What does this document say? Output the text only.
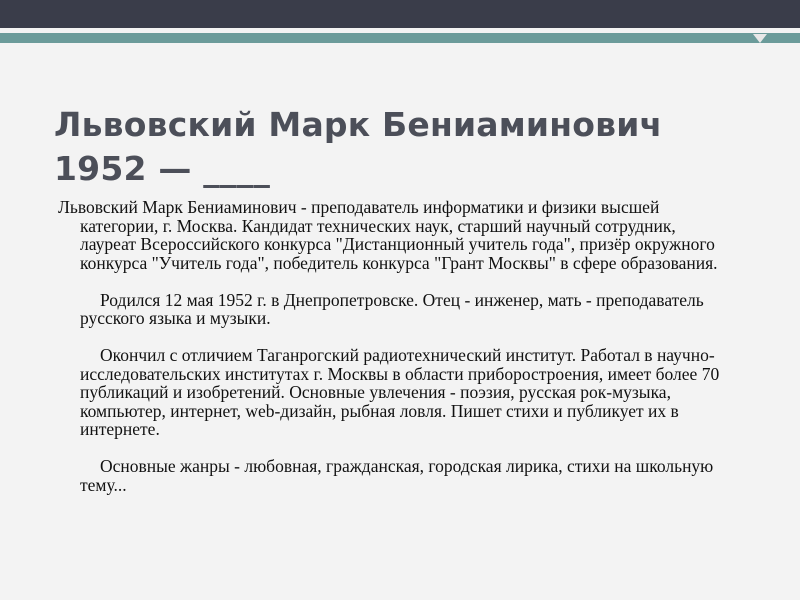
Львовский Марк Бениаминович
1952 — ____

Львовский Марк Бениаминович - преподаватель информатики и физики высшей категории, г. Москва. Кандидат технических наук, старший научный сотрудник, лауреат Всероссийского конкурса "Дистанционный учитель года", призёр окружного конкурса "Учитель года", победитель конкурса "Грант Москвы" в сфере образования.

Родился 12 мая 1952 г. в Днепропетровске. Отец - инженер, мать - преподаватель русского языка и музыки.

Окончил с отличием Таганрогский радиотехнический институт. Работал в научно-исследовательских институтах г. Москвы в области приборостроения, имеет более 70 публикаций и изобретений. Основные увлечения - поэзия, русская рок-музыка, компьютер, интернет, web-дизайн, рыбная ловля. Пишет стихи и публикует их в интернете.

Основные жанры - любовная, гражданская, городская лирика, стихи на школьную тему...
